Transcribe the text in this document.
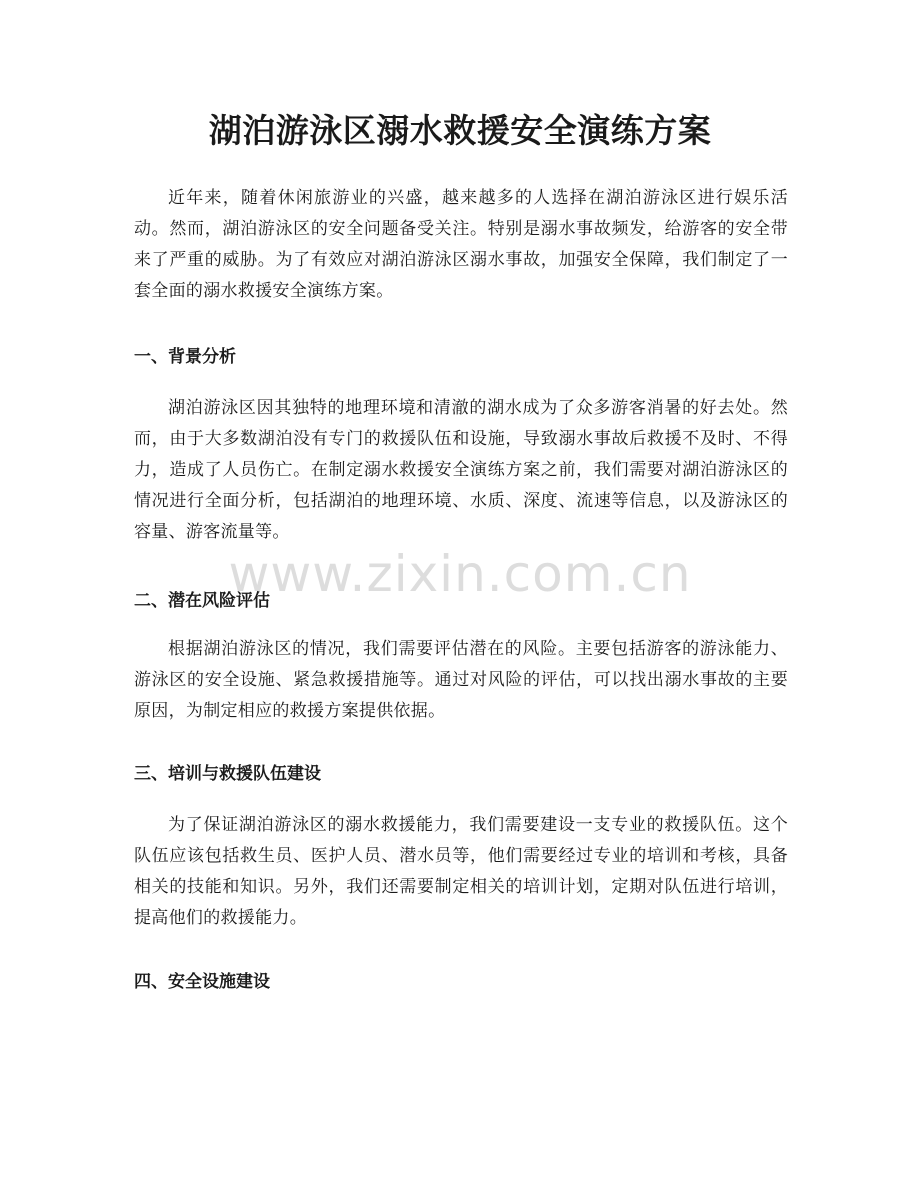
湖泊游泳区溺水救援安全演练方案

近年来，随着休闲旅游业的兴盛，越来越多的人选择在湖泊游泳区进行娱乐活动。然而，湖泊游泳区的安全问题备受关注。特别是溺水事故频发，给游客的安全带来了严重的威胁。为了有效应对湖泊游泳区溺水事故，加强安全保障，我们制定了一套全面的溺水救援安全演练方案。

一、背景分析

湖泊游泳区因其独特的地理环境和清澈的湖水成为了众多游客消暑的好去处。然而，由于大多数湖泊没有专门的救援队伍和设施，导致溺水事故后救援不及时、不得力，造成了人员伤亡。在制定溺水救援安全演练方案之前，我们需要对湖泊游泳区的情况进行全面分析，包括湖泊的地理环境、水质、深度、流速等信息，以及游泳区的容量、游客流量等。

二、潜在风险评估

根据湖泊游泳区的情况，我们需要评估潜在的风险。主要包括游客的游泳能力、游泳区的安全设施、紧急救援措施等。通过对风险的评估，可以找出溺水事故的主要原因，为制定相应的救援方案提供依据。

三、培训与救援队伍建设

为了保证湖泊游泳区的溺水救援能力，我们需要建设一支专业的救援队伍。这个队伍应该包括救生员、医护人员、潜水员等，他们需要经过专业的培训和考核，具备相关的技能和知识。另外，我们还需要制定相关的培训计划，定期对队伍进行培训，提高他们的救援能力。

四、安全设施建设
www.zixin.com.cn
